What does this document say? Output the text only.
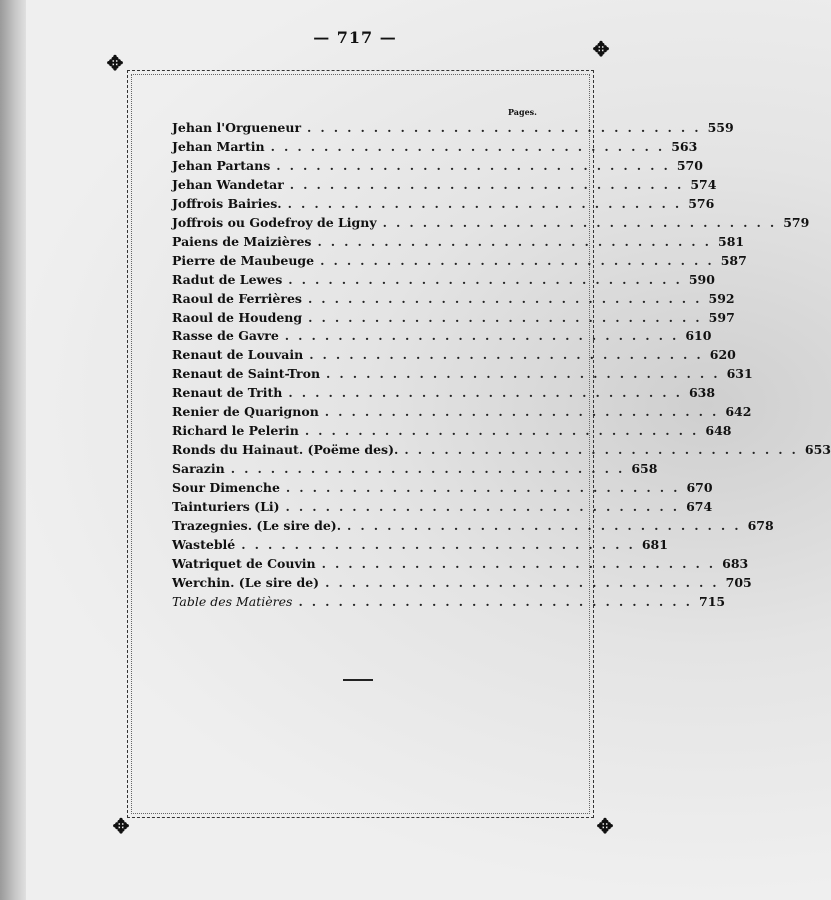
— 717 —
✥
✥
✥	✥
Pages.
Jehan l'Orgueneur .............................. 559
Jehan Martin .............................. 563
Jehan Partans .............................. 570
Jehan Wandetar .............................. 574
Joffrois Bairies. .............................. 576
Joffrois ou Godefroy de Ligny .............................. 579
Paiens de Maizières .............................. 581
Pierre de Maubeuge .............................. 587
Radut de Lewes .............................. 590
Raoul de Ferrières .............................. 592
Raoul de Houdeng .............................. 597
Rasse de Gavre .............................. 610
Renaut de Louvain .............................. 620
Renaut de Saint-Tron .............................. 631
Renaut de Trith .............................. 638
Renier de Quarignon .............................. 642
Richard le Pelerin .............................. 648
Ronds du Hainaut. (Poëme des). .............................. 653
Sarazin .............................. 658
Sour Dimenche .............................. 670
Tainturiers (Li) .............................. 674
Trazegnies. (Le sire de). .............................. 678
Wasteblé .............................. 681
Watriquet de Couvin .............................. 683
Werchin. (Le sire de) .............................. 705
Table des Matières .............................. 715
